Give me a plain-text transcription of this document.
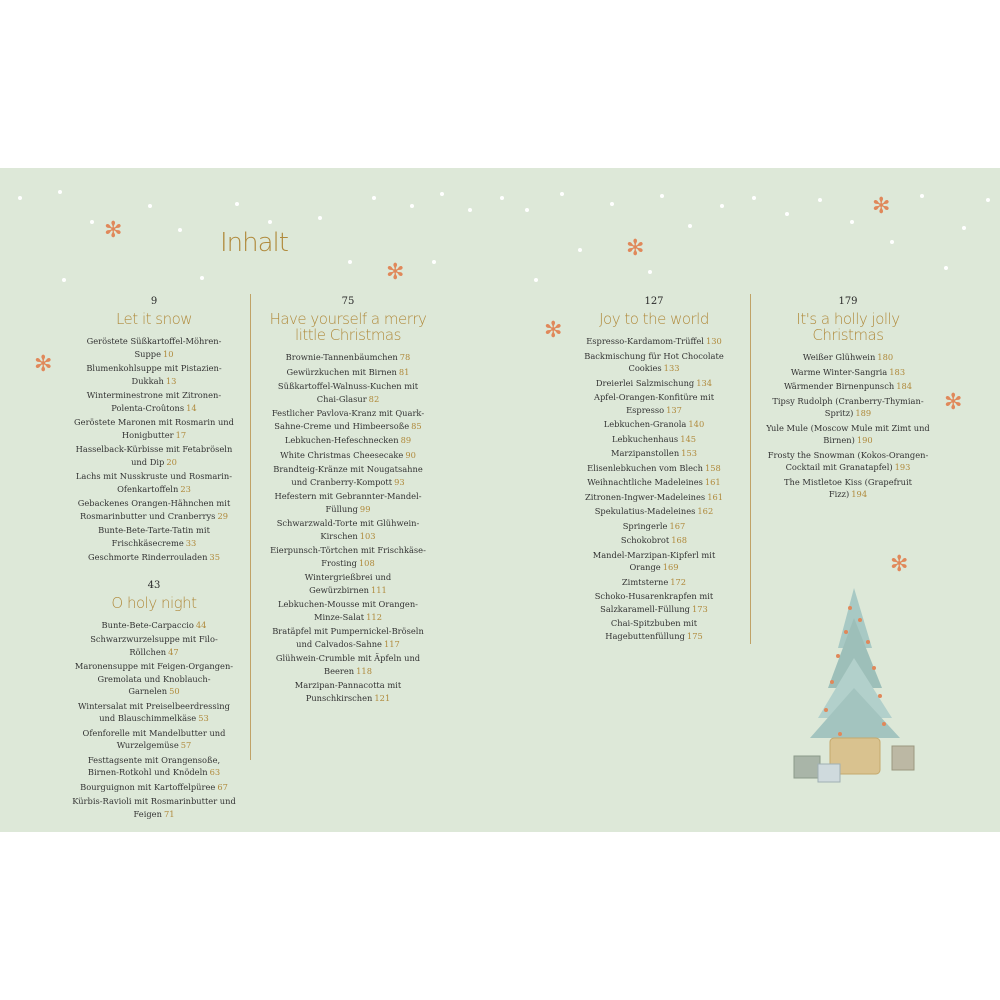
✻
✻
✻
✻
✻
✻
✻
✻
Inhalt
9
Let it snow
Geröstete Süßkartoffel-Möhren-Suppe 10
Blumenkohlsuppe mit Pistazien-Dukkah 13
Winterminestrone mit Zitronen-Polenta-Croûtons 14
Geröstete Maronen mit Rosmarin und Honigbutter 17
Hasselback-Kürbisse mit Fetabröseln und Dip 20
Lachs mit Nusskruste und Rosmarin-Ofenkartoffeln 23
Gebackenes Orangen-Hähnchen mit Rosmarinbutter und Cranberrys 29
Bunte-Bete-Tarte-Tatin mit Frischkäsecreme 33
Geschmorte Rinderrouladen 35
43
O holy night
Bunte-Bete-Carpaccio 44
Schwarzwurzelsuppe mit Filo-Röllchen 47
Maronensuppe mit Feigen-Organgen-Gremolata und Knoblauch-Garnelen 50
Wintersalat mit Preiselbeerdressing und Blauschimmelkäse 53
Ofenforelle mit Mandelbutter und Wurzelgemüse 57
Festtagsente mit Orangensoße, Birnen-Rotkohl und Knödeln 63
Bourguignon mit Kartoffelpüree 67
Kürbis-Ravioli mit Rosmarinbutter und Feigen 71
75
Have yourself a merry little Christmas
Brownie-Tannenbäumchen 78
Gewürzkuchen mit Birnen 81
Süßkartoffel-Walnuss-Kuchen mit Chai-Glasur 82
Festlicher Pavlova-Kranz mit Quark-Sahne-Creme und Himbeersoße 85
Lebkuchen-Hefeschnecken 89
White Christmas Cheesecake 90
Brandteig-Kränze mit Nougatsahne und Cranberry-Kompott 93
Hefestern mit Gebrannter-Mandel-Füllung 99
Schwarzwald-Torte mit Glühwein-Kirschen 103
Eierpunsch-Törtchen mit Frischkäse-Frosting 108
Wintergrießbrei und Gewürzbirnen 111
Lebkuchen-Mousse mit Orangen-Minze-Salat 112
Bratäpfel mit Pumpernickel-Bröseln und Calvados-Sahne 117
Glühwein-Crumble mit Äpfeln und Beeren 118
Marzipan-Pannacotta mit Punschkirschen 121
127
Joy to the world
Espresso-Kardamom-Trüffel 130
Backmischung für Hot Chocolate Cookies 133
Dreierlei Salzmischung 134
Apfel-Orangen-Konfitüre mit Espresso 137
Lebkuchen-Granola 140
Lebkuchenhaus 145
Marzipanstollen 153
Elisenlebkuchen vom Blech 158
Weihnachtliche Madeleines 161
Zitronen-Ingwer-Madeleines 161
Spekulatius-Madeleines 162
Springerle 167
Schokobrot 168
Mandel-Marzipan-Kipferl mit Orange 169
Zimtsterne 172
Schoko-Husarenkrapfen mit Salzkaramell-Füllung 173
Chai-Spitzbuben mit Hagebuttenfüllung 175
179
It's a holly jolly Christmas
Weißer Glühwein 180
Warme Winter-Sangria 183
Wärmender Birnenpunsch 184
Tipsy Rudolph (Cranberry-Thymian-Spritz) 189
Yule Mule (Moscow Mule mit Zimt und Birnen) 190
Frosty the Snowman (Kokos-Orangen-Cocktail mit Granatapfel) 193
The Mistletoe Kiss (Grapefruit Fizz) 194
